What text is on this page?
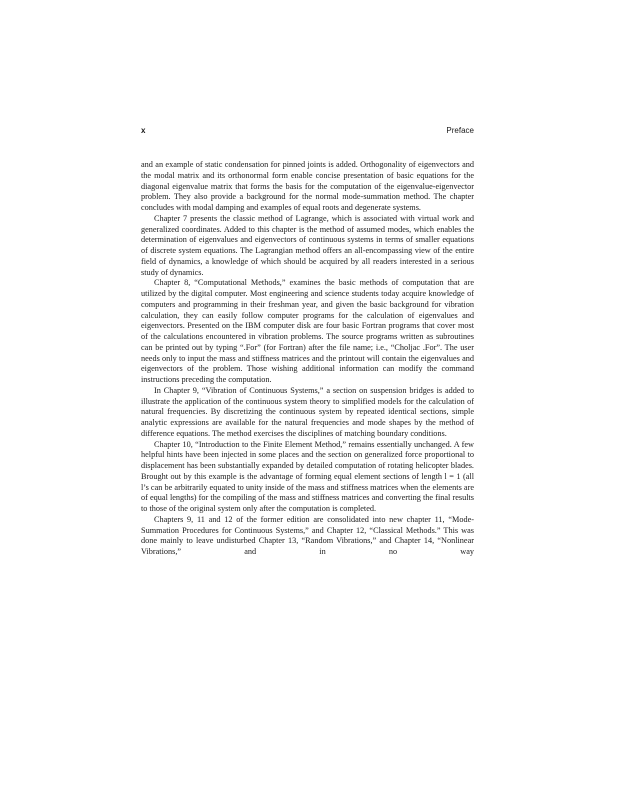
x	Preface

and an example of static condensation for pinned joints is added. Orthogonality of eigenvectors and the modal matrix and its orthonormal form enable concise presentation of basic equations for the diagonal eigenvalue matrix that forms the basis for the computation of the eigenvalue-eigenvector problem. They also provide a background for the normal mode-summation method. The chapter concludes with modal damping and examples of equal roots and degenerate systems.

Chapter 7 presents the classic method of Lagrange, which is associated with virtual work and generalized coordinates. Added to this chapter is the method of assumed modes, which enables the determination of eigenvalues and eigenvectors of continuous systems in terms of smaller equations of discrete system equations. The Lagrangian method offers an all-encompassing view of the entire field of dynamics, a knowledge of which should be acquired by all readers interested in a serious study of dynamics.

Chapter 8, “Computational Methods,” examines the basic methods of computation that are utilized by the digital computer. Most engineering and science students today acquire knowledge of computers and programming in their freshman year, and given the basic background for vibration calculation, they can easily follow computer programs for the calculation of eigenvalues and eigenvectors. Presented on the IBM computer disk are four basic Fortran programs that cover most of the calculations encountered in vibration problems. The source programs written as subroutines can be printed out by typing “.For” (for Fortran) after the file name; i.e., “Choljac .For”. The user needs only to input the mass and stiffness matrices and the printout will contain the eigenvalues and eigenvectors of the problem. Those wishing additional information can modify the command instructions preceding the computation.

In Chapter 9, “Vibration of Continuous Systems,” a section on suspension bridges is added to illustrate the application of the continuous system theory to simplified models for the calculation of natural frequencies. By discretizing the continuous system by repeated identical sections, simple analytic expressions are available for the natural frequencies and mode shapes by the method of difference equations. The method exercises the disciplines of matching boundary conditions.

Chapter 10, “Introduction to the Finite Element Method,” remains essentially unchanged. A few helpful hints have been injected in some places and the section on generalized force proportional to displacement has been substantially expanded by detailed computation of rotating helicopter blades. Brought out by this example is the advantage of forming equal element sections of length l = 1 (all l’s can be arbitrarily equated to unity inside of the mass and stiffness matrices when the elements are of equal lengths) for the compiling of the mass and stiffness matrices and converting the final results to those of the original system only after the computation is completed.

Chapters 9, 11 and 12 of the former edition are consolidated into new chapter 11, “Mode-Summation Procedures for Continuous Systems,” and Chapter 12, “Classical Methods.” This was done mainly to leave undisturbed Chapter 13, “Random Vibrations,” and Chapter 14, “Nonlinear Vibrations,” and in no way
